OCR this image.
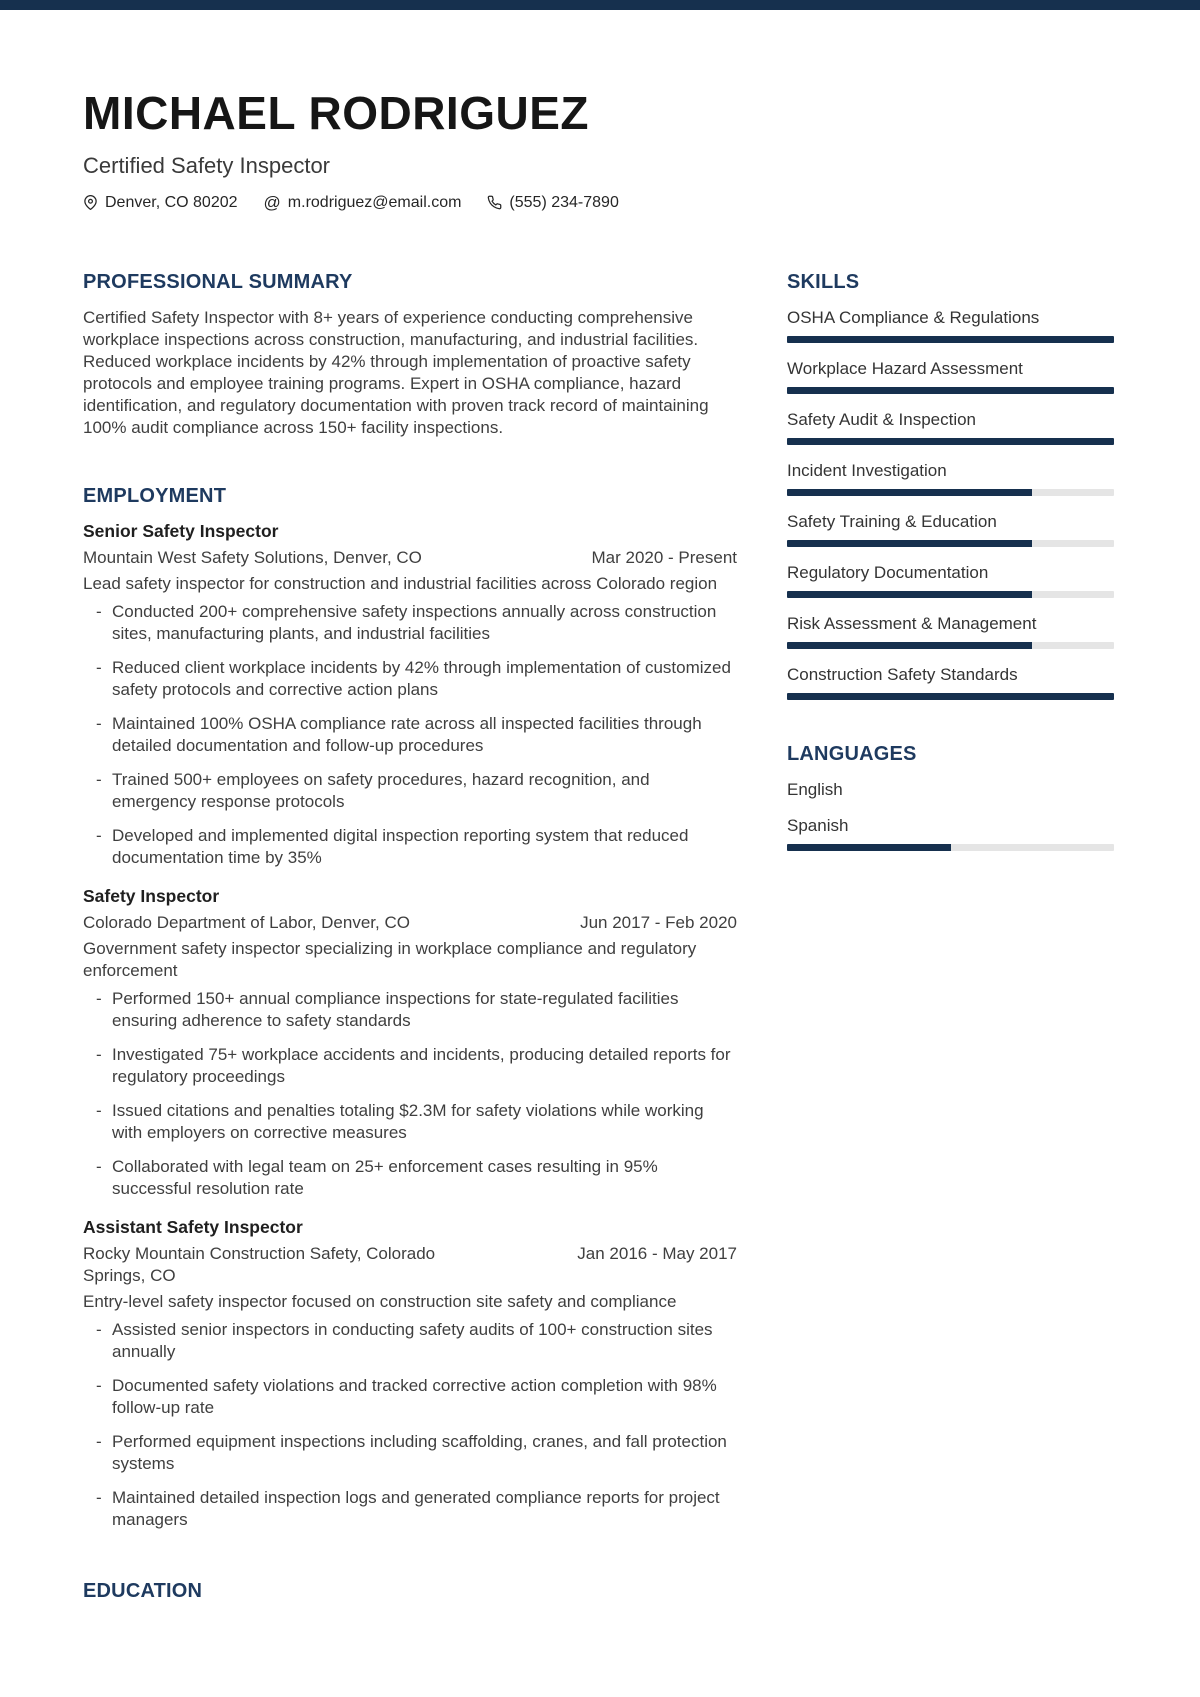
MICHAEL RODRIGUEZ
Certified Safety Inspector
Denver, CO 80202 @ m.rodriguez@email.com	(555) 234-7890
PROFESSIONAL SUMMARY

Certified Safety Inspector with 8+ years of experience conducting comprehensive workplace inspections across construction, manufacturing, and industrial facilities. Reduced workplace incidents by 42% through implementation of proactive safety protocols and employee training programs. Expert in OSHA compliance, hazard identification, and regulatory documentation with proven track record of maintaining 100% audit compliance across 150+ facility inspections.

EMPLOYMENT
Senior Safety Inspector
Mountain West Safety Solutions, Denver, CO	Mar 2020 - Present
Lead safety inspector for construction and industrial facilities across Colorado region
- Conducted 200+ comprehensive safety inspections annually across construction sites, manufacturing plants, and industrial facilities
- Reduced client workplace incidents by 42% through implementation of customized safety protocols and corrective action plans
- Maintained 100% OSHA compliance rate across all inspected facilities through detailed documentation and follow-up procedures
- Trained 500+ employees on safety procedures, hazard recognition, and emergency response protocols
- Developed and implemented digital inspection reporting system that reduced documentation time by 35%
Safety Inspector
Colorado Department of Labor, Denver, CO	Jun 2017 - Feb 2020
Government safety inspector specializing in workplace compliance and regulatory enforcement
- Performed 150+ annual compliance inspections for state-regulated facilities ensuring adherence to safety standards
- Investigated 75+ workplace accidents and incidents, producing detailed reports for regulatory proceedings
- Issued citations and penalties totaling $2.3M for safety violations while working with employers on corrective measures
- Collaborated with legal team on 25+ enforcement cases resulting in 95% successful resolution rate
Assistant Safety Inspector
Rocky Mountain Construction Safety, Colorado Springs, CO
Jan 2016 - May 2017
Entry-level safety inspector focused on construction site safety and compliance
- Assisted senior inspectors in conducting safety audits of 100+ construction sites annually
- Documented safety violations and tracked corrective action completion with 98% follow-up rate
- Performed equipment inspections including scaffolding, cranes, and fall protection systems
- Maintained detailed inspection logs and generated compliance reports for project managers
EDUCATION
SKILLS
OSHA Compliance & Regulations
Workplace Hazard Assessment
Safety Audit & Inspection
Incident Investigation
Safety Training & Education
Regulatory Documentation
Risk Assessment & Management
Construction Safety Standards
LANGUAGES
English
Spanish
